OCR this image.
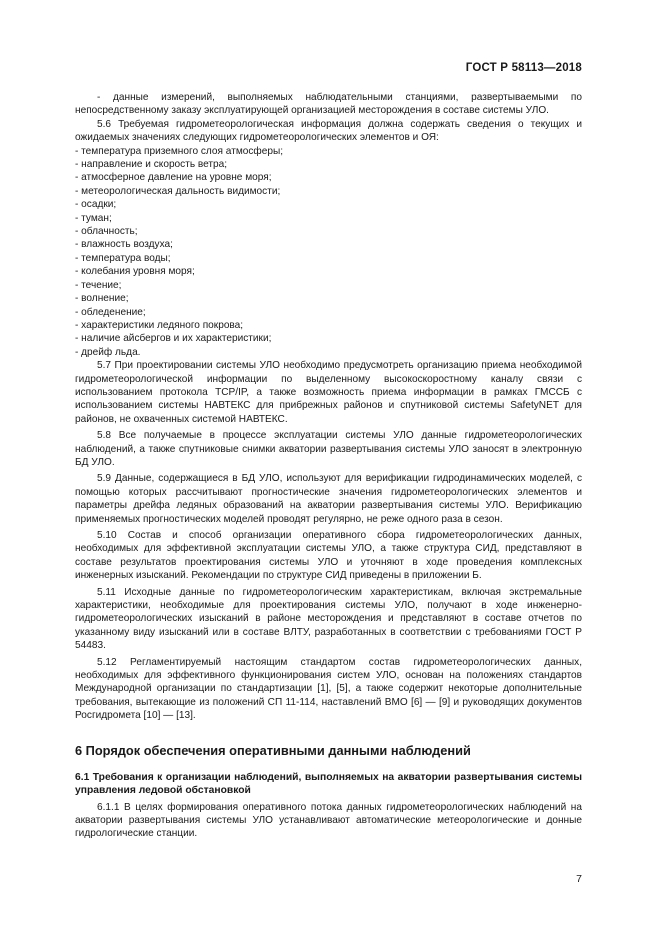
ГОСТ Р 58113—2018

- данные измерений, выполняемых наблюдательными станциями, развертываемыми по

непосредственному заказу эксплуатирующей организацией месторождения в составе системы УЛО.

5.6 Требуемая гидрометеорологическая информация должна содержать сведения о текущих и ожидаемых значениях следующих гидрометеорологических элементов и ОЯ:

- температура приземного слоя атмосферы;

- направление и скорость ветра;

- атмосферное давление на уровне моря;

- метеорологическая дальность видимости;

- осадки;

- туман;

- облачность;

- влажность воздуха;

- температура воды;

- колебания уровня моря;

- течение;

- волнение;

- обледенение;

- характеристики ледяного покрова;

- наличие айсбергов и их характеристики;

- дрейф льда.

5.7 При проектировании системы УЛО необходимо предусмотреть организацию приема необходимой гидрометеорологической информации по выделенному высокоскоростному каналу связи с использованием протокола TCP/IP, а также возможность приема информации в рамках ГМССБ с использованием системы НАВТЕКС для прибрежных районов и спутниковой системы SafetyNET для районов, не охваченных системой НАВТЕКС.

5.8 Все получаемые в процессе эксплуатации системы УЛО данные гидрометеорологических наблюдений, а также спутниковые снимки акватории развертывания системы УЛО заносят в электронную БД УЛО.

5.9 Данные, содержащиеся в БД УЛО, используют для верификации гидродинамических моделей, с помощью которых рассчитывают прогностические значения гидрометеорологических элементов и параметры дрейфа ледяных образований на акватории развертывания системы УЛО. Верификацию применяемых прогностических моделей проводят регулярно, не реже одного раза в сезон.

5.10 Состав и способ организации оперативного сбора гидрометеорологических данных, необходимых для эффективной эксплуатации системы УЛО, а также структура СИД, представляют в составе результатов проектирования системы УЛО и уточняют в ходе проведения комплексных инженерных изысканий. Рекомендации по структуре СИД приведены в приложении Б.

5.11 Исходные данные по гидрометеорологическим характеристикам, включая экстремальные характеристики, необходимые для проектирования системы УЛО, получают в ходе инженерно-гидрометеорологических изысканий в районе месторождения и представляют в составе отчетов по указанному виду изысканий или в составе ВЛТУ, разработанных в соответствии с требованиями ГОСТ Р 54483.

5.12 Регламентируемый настоящим стандартом состав гидрометеорологических данных, необходимых для эффективного функционирования систем УЛО, основан на положениях стандартов Международной организации по стандартизации [1], [5], а также содержит некоторые дополнительные требования, вытекающие из положений СП 11-114, наставлений ВМО [6] — [9] и руководящих документов Росгидромета [10] — [13].

6 Порядок обеспечения оперативными данными наблюдений
6.1 Требования к организации наблюдений, выполняемых на акватории развертывания системы управления ледовой обстановкой

6.1.1 В целях формирования оперативного потока данных гидрометеорологических наблюдений на акватории развертывания системы УЛО устанавливают автоматические метеорологические и донные гидрологические станции.

7
